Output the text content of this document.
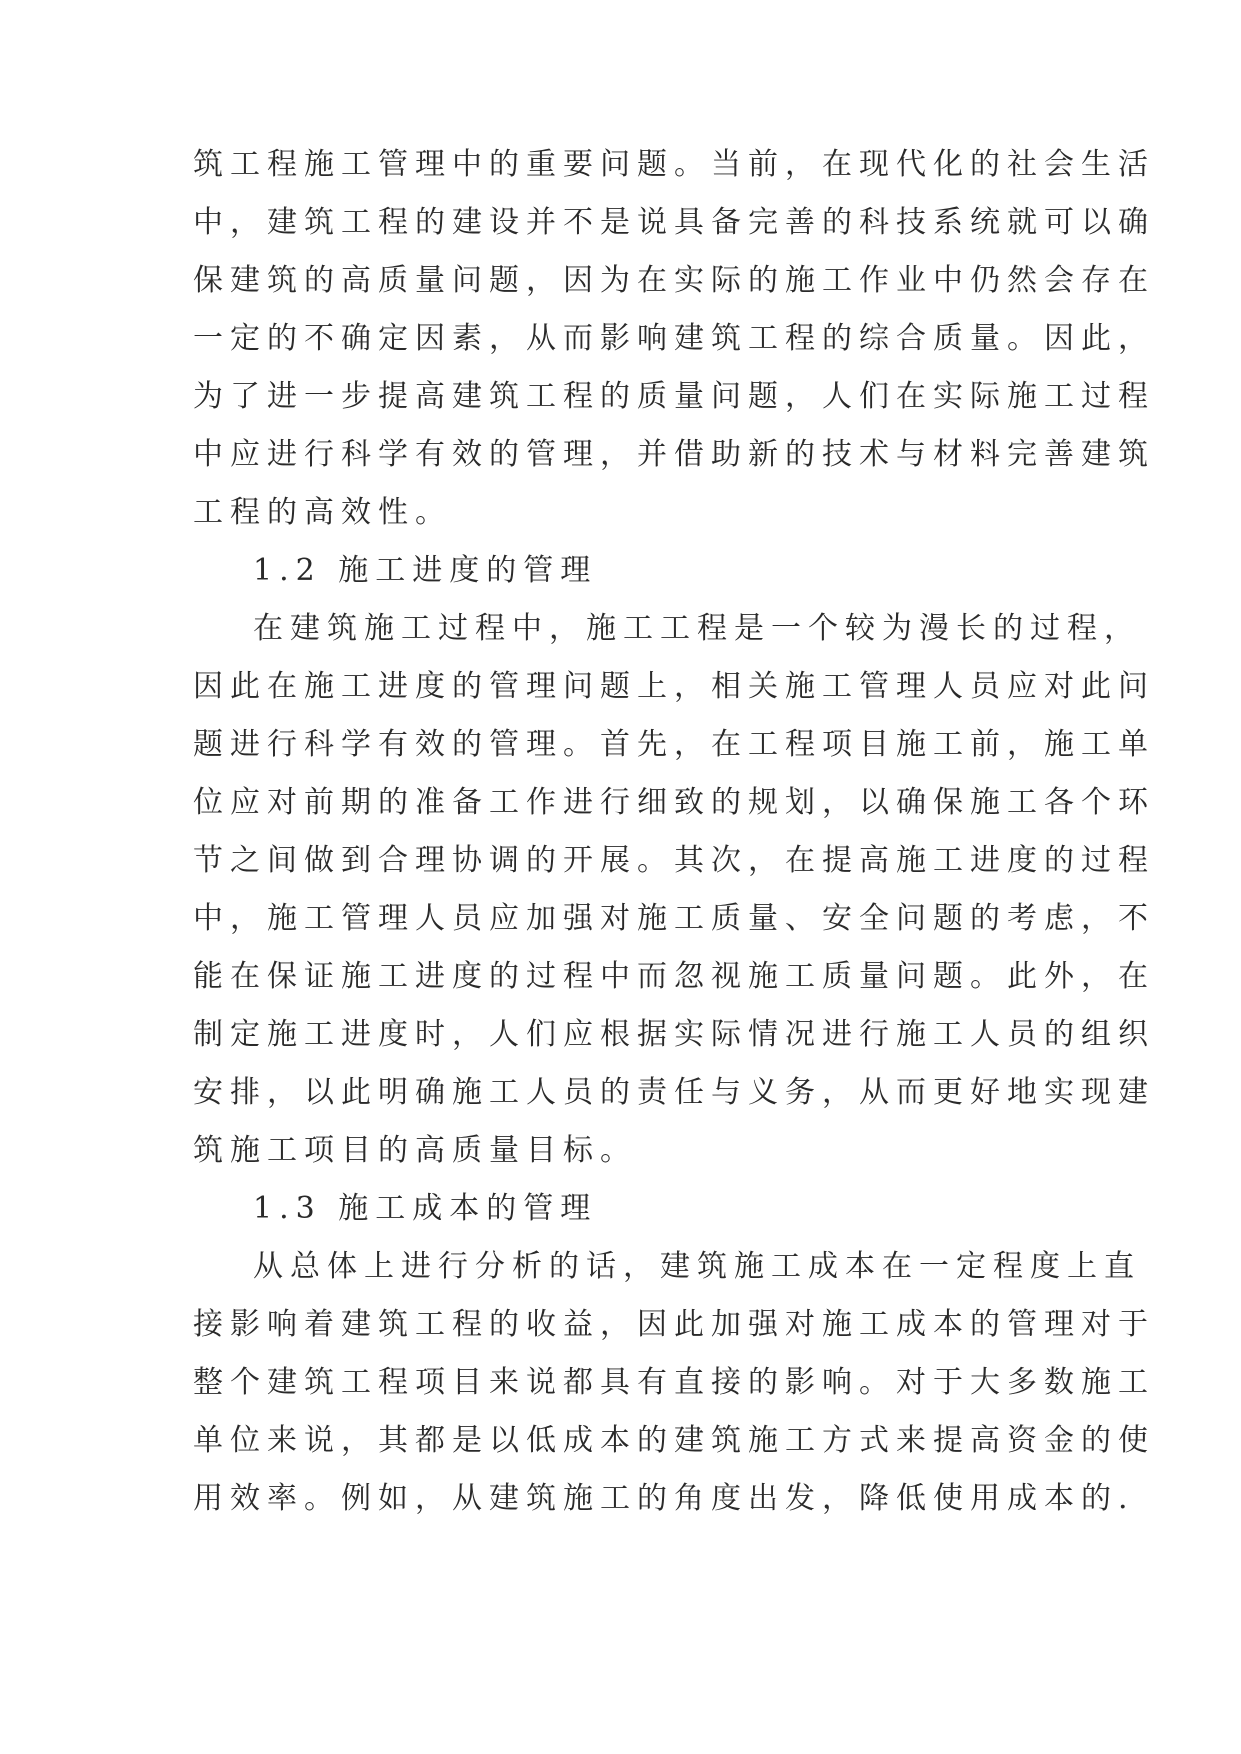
筑工程施工管理中的重要问题。当前，在现代化的社会生活

中，建筑工程的建设并不是说具备完善的科技系统就可以确

保建筑的高质量问题，因为在实际的施工作业中仍然会存在

一定的不确定因素，从而影响建筑工程的综合质量。因此，

为了进一步提高建筑工程的质量问题，人们在实际施工过程

中应进行科学有效的管理，并借助新的技术与材料完善建筑

工程的高效性。

1.2 施工进度的管理

在建筑施工过程中，施工工程是一个较为漫长的过程，

因此在施工进度的管理问题上，相关施工管理人员应对此问

题进行科学有效的管理。首先，在工程项目施工前，施工单

位应对前期的准备工作进行细致的规划，以确保施工各个环

节之间做到合理协调的开展。其次，在提高施工进度的过程

中，施工管理人员应加强对施工质量、安全问题的考虑，不

能在保证施工进度的过程中而忽视施工质量问题。此外，在

制定施工进度时，人们应根据实际情况进行施工人员的组织

安排，以此明确施工人员的责任与义务，从而更好地实现建

筑施工项目的高质量目标。

1.3 施工成本的管理

从总体上进行分析的话，建筑施工成本在一定程度上直

接影响着建筑工程的收益，因此加强对施工成本的管理对于

整个建筑工程项目来说都具有直接的影响。对于大多数施工

单位来说，其都是以低成本的建筑施工方式来提高资金的使

用效率。例如，从建筑施工的角度出发，降低使用成本的.
